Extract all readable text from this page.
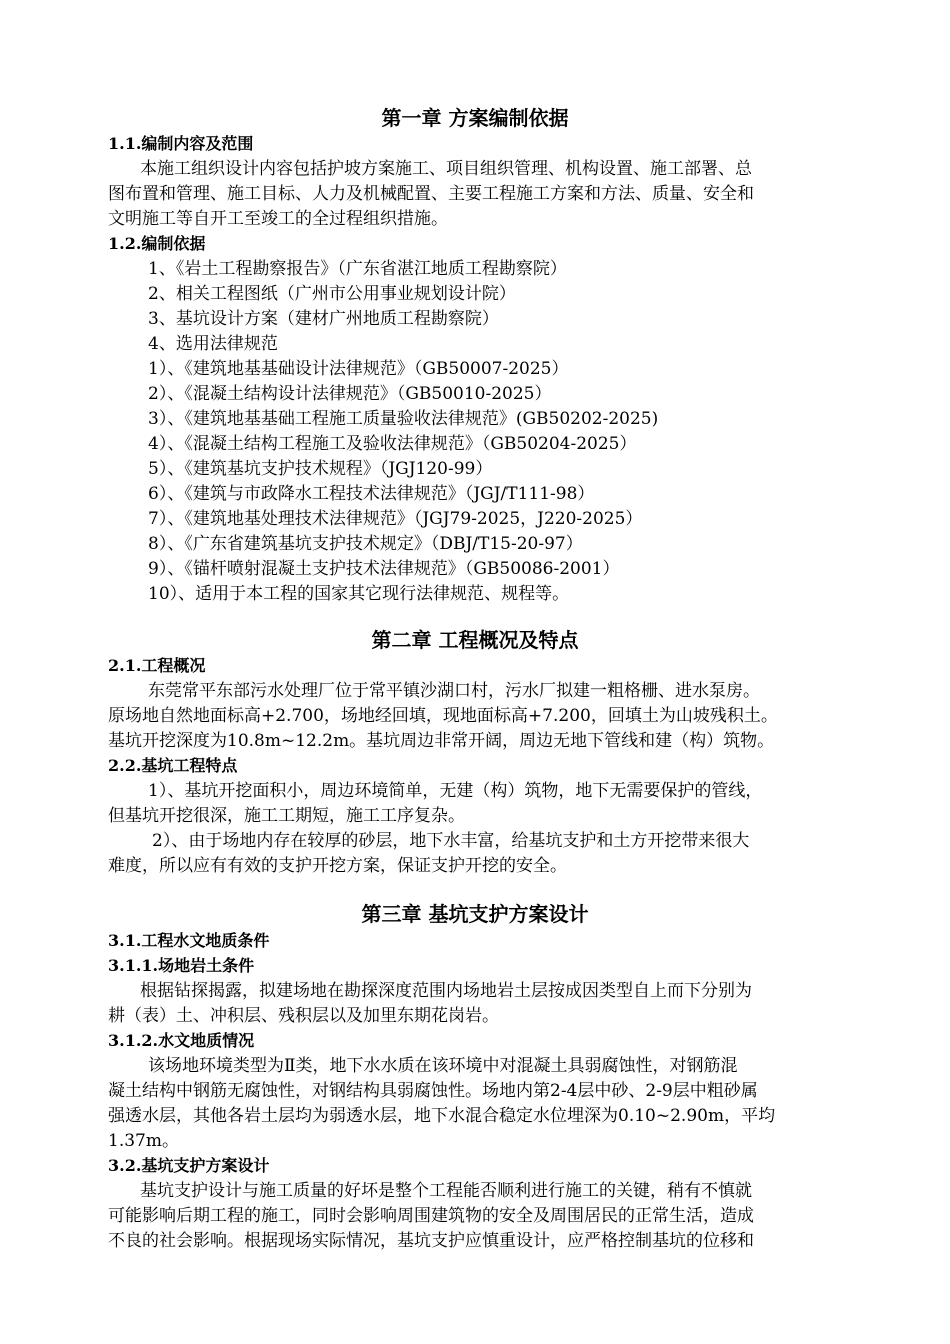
第一章 方案编制依据
1.1.编制内容及范围
本施工组织设计内容包括护坡方案施工、项目组织管理、机构设置、施工部署、总
图布置和管理、施工目标、人力及机械配置、主要工程施工方案和方法、质量、安全和
文明施工等自开工至竣工的全过程组织措施。
1.2.编制依据
1、《岩土工程勘察报告》（广东省湛江地质工程勘察院）
2、相关工程图纸（广州市公用事业规划设计院）
3、基坑设计方案（建材广州地质工程勘察院）
4、选用法律规范
1）、《建筑地基基础设计法律规范》（GB50007-2025）
2）、《混凝土结构设计法律规范》（GB50010-2025）
3）、《建筑地基基础工程施工质量验收法律规范》(GB50202-2025)
4）、《混凝土结构工程施工及验收法律规范》（GB50204-2025）
5）、《建筑基坑支护技术规程》（JGJ120-99）
6）、《建筑与市政降水工程技术法律规范》（JGJ/T111-98）
7）、《建筑地基处理技术法律规范》（JGJ79-2025，J220-2025）
8）、《广东省建筑基坑支护技术规定》（DBJ/T15-20-97）
9）、《锚杆喷射混凝土支护技术法律规范》（GB50086-2001）
10）、适用于本工程的国家其它现行法律规范、规程等。
第二章 工程概况及特点
2.1.工程概况
东莞常平东部污水处理厂位于常平镇沙湖口村，污水厂拟建一粗格栅、进水泵房。
原场地自然地面标高+2.700，场地经回填，现地面标高+7.200，回填土为山坡残积土。
基坑开挖深度为10.8m~12.2m。基坑周边非常开阔，周边无地下管线和建（构）筑物。
2.2.基坑工程特点
1）、基坑开挖面积小，周边环境简单，无建（构）筑物，地下无需要保护的管线，
但基坑开挖很深，施工工期短，施工工序复杂。
2）、由于场地内存在较厚的砂层，地下水丰富，给基坑支护和土方开挖带来很大
难度，所以应有有效的支护开挖方案，保证支护开挖的安全。
第三章 基坑支护方案设计
3.1.工程水文地质条件
3.1.1.场地岩土条件
根据钻探揭露，拟建场地在勘探深度范围内场地岩土层按成因类型自上而下分别为
耕（表）土、冲积层、残积层以及加里东期花岗岩。
3.1.2.水文地质情况
该场地环境类型为Ⅱ类，地下水水质在该环境中对混凝土具弱腐蚀性，对钢筋混
凝土结构中钢筋无腐蚀性，对钢结构具弱腐蚀性。场地内第2-4层中砂、2-9层中粗砂属
强透水层，其他各岩土层均为弱透水层，地下水混合稳定水位埋深为0.10~2.90m，平均
1.37m。
3.2.基坑支护方案设计
基坑支护设计与施工质量的好坏是整个工程能否顺利进行施工的关键，稍有不慎就
可能影响后期工程的施工，同时会影响周围建筑物的安全及周围居民的正常生活，造成
不良的社会影响。根据现场实际情况，基坑支护应慎重设计，应严格控制基坑的位移和
